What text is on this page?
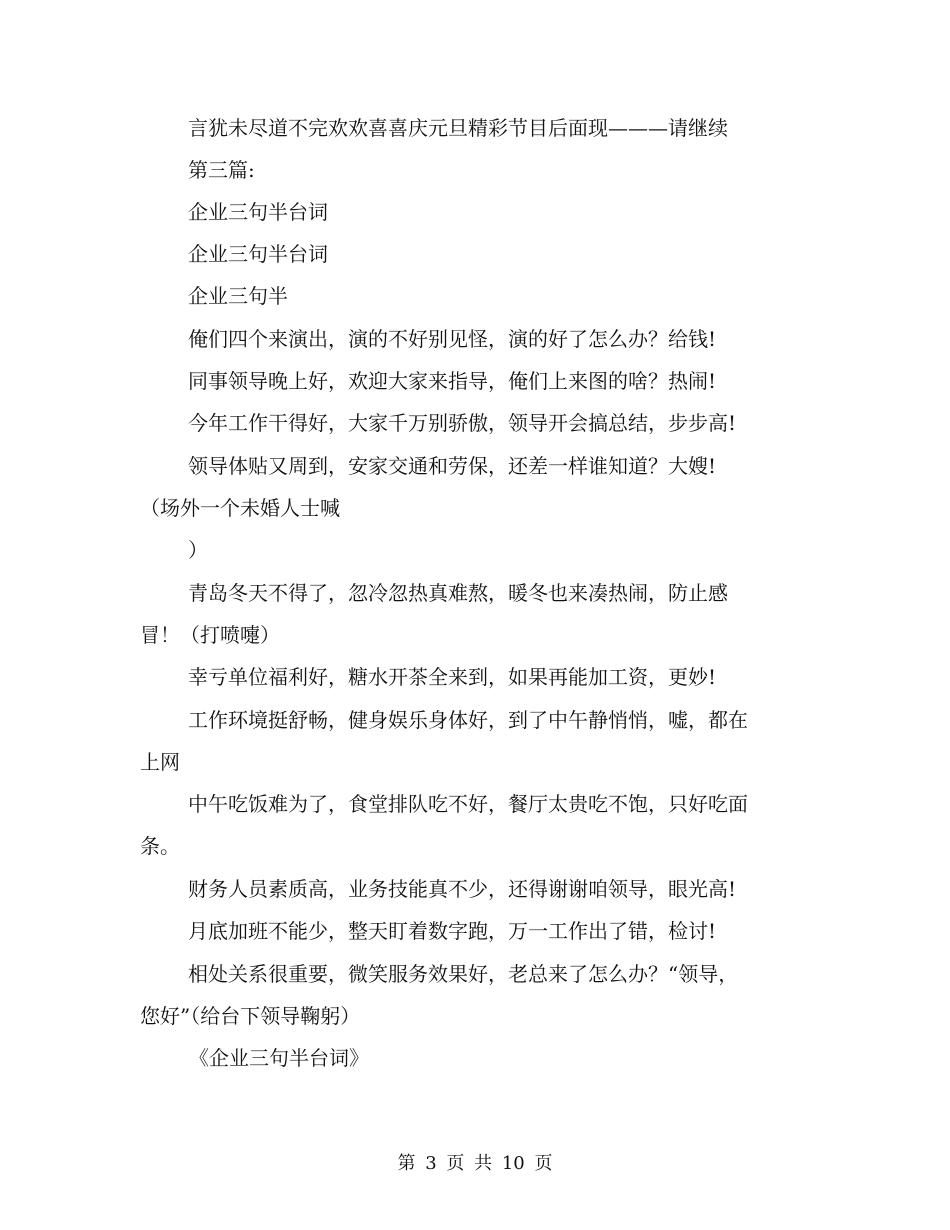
言犹未尽道不完欢欢喜喜庆元旦精彩节目后面现———请继续
第三篇:
企业三句半台词
企业三句半台词
企业三句半
俺们四个来演出，演的不好别见怪，演的好了怎么办？给钱!
同事领导晚上好，欢迎大家来指导，俺们上来图的啥？热闹!
今年工作干得好，大家千万别骄傲，领导开会搞总结，步步高!
领导体贴又周到，安家交通和劳保，还差一样谁知道？大嫂!
（场外一个未婚人士喊
）
青岛冬天不得了，忽冷忽热真难熬，暖冬也来凑热闹，防止感
冒！（打喷嚏）
幸亏单位福利好，糖水开茶全来到，如果再能加工资，更妙!
工作环境挺舒畅，健身娱乐身体好，到了中午静悄悄，嘘，都在
上网
中午吃饭难为了，食堂排队吃不好，餐厅太贵吃不饱，只好吃面
条。
财务人员素质高，业务技能真不少，还得谢谢咱领导，眼光高!
月底加班不能少，整天盯着数字跑，万一工作出了错，检讨!
相处关系很重要，微笑服务效果好，老总来了怎么办？“领导，
您好”（给台下领导鞠躬）
《企业三句半台词》
第 3 页 共 10 页
